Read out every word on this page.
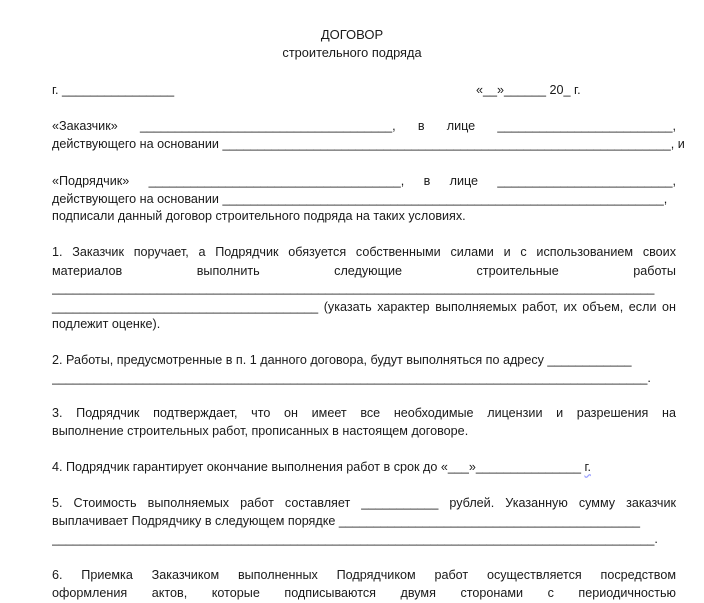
ДОГОВОР
строительного подряда
г. ________________	«__»______ 20_ г.
«Заказчик» ____________________________________, в лице _________________________,
действующего на основании ________________________________________________________________, и
«Подрядчик» ____________________________________, в лице _________________________,
действующего на основании _______________________________________________________________,
подписали данный договор строительного подряда на таких условиях.
1. Заказчик поручает, а Подрядчик обязуется собственными силами и с использованием своих
материалов выполнить следующие строительные работы
______________________________________________________________________________________
______________________________________ (указать характер выполняемых работ, их объем, если он
подлежит оценке).
2. Работы, предусмотренные в п. 1 данного договора, будут выполняться по адресу ____________
_____________________________________________________________________________________.
3. Подрядчик подтверждает, что он имеет все необходимые лицензии и разрешения на
выполнение строительных работ, прописанных в настоящем договоре.
4. Подрядчик гарантирует окончание выполнения работ в срок до «___»_______________ г.
5. Стоимость выполняемых работ составляет ___________ рублей. Указанную сумму заказчик
выплачивает Подрядчику в следующем порядке ___________________________________________
______________________________________________________________________________________.
6. Приемка Заказчиком выполненных Подрядчиком работ осуществляется посредством
оформления актов, которые подписываются двумя сторонами с периодичностью
